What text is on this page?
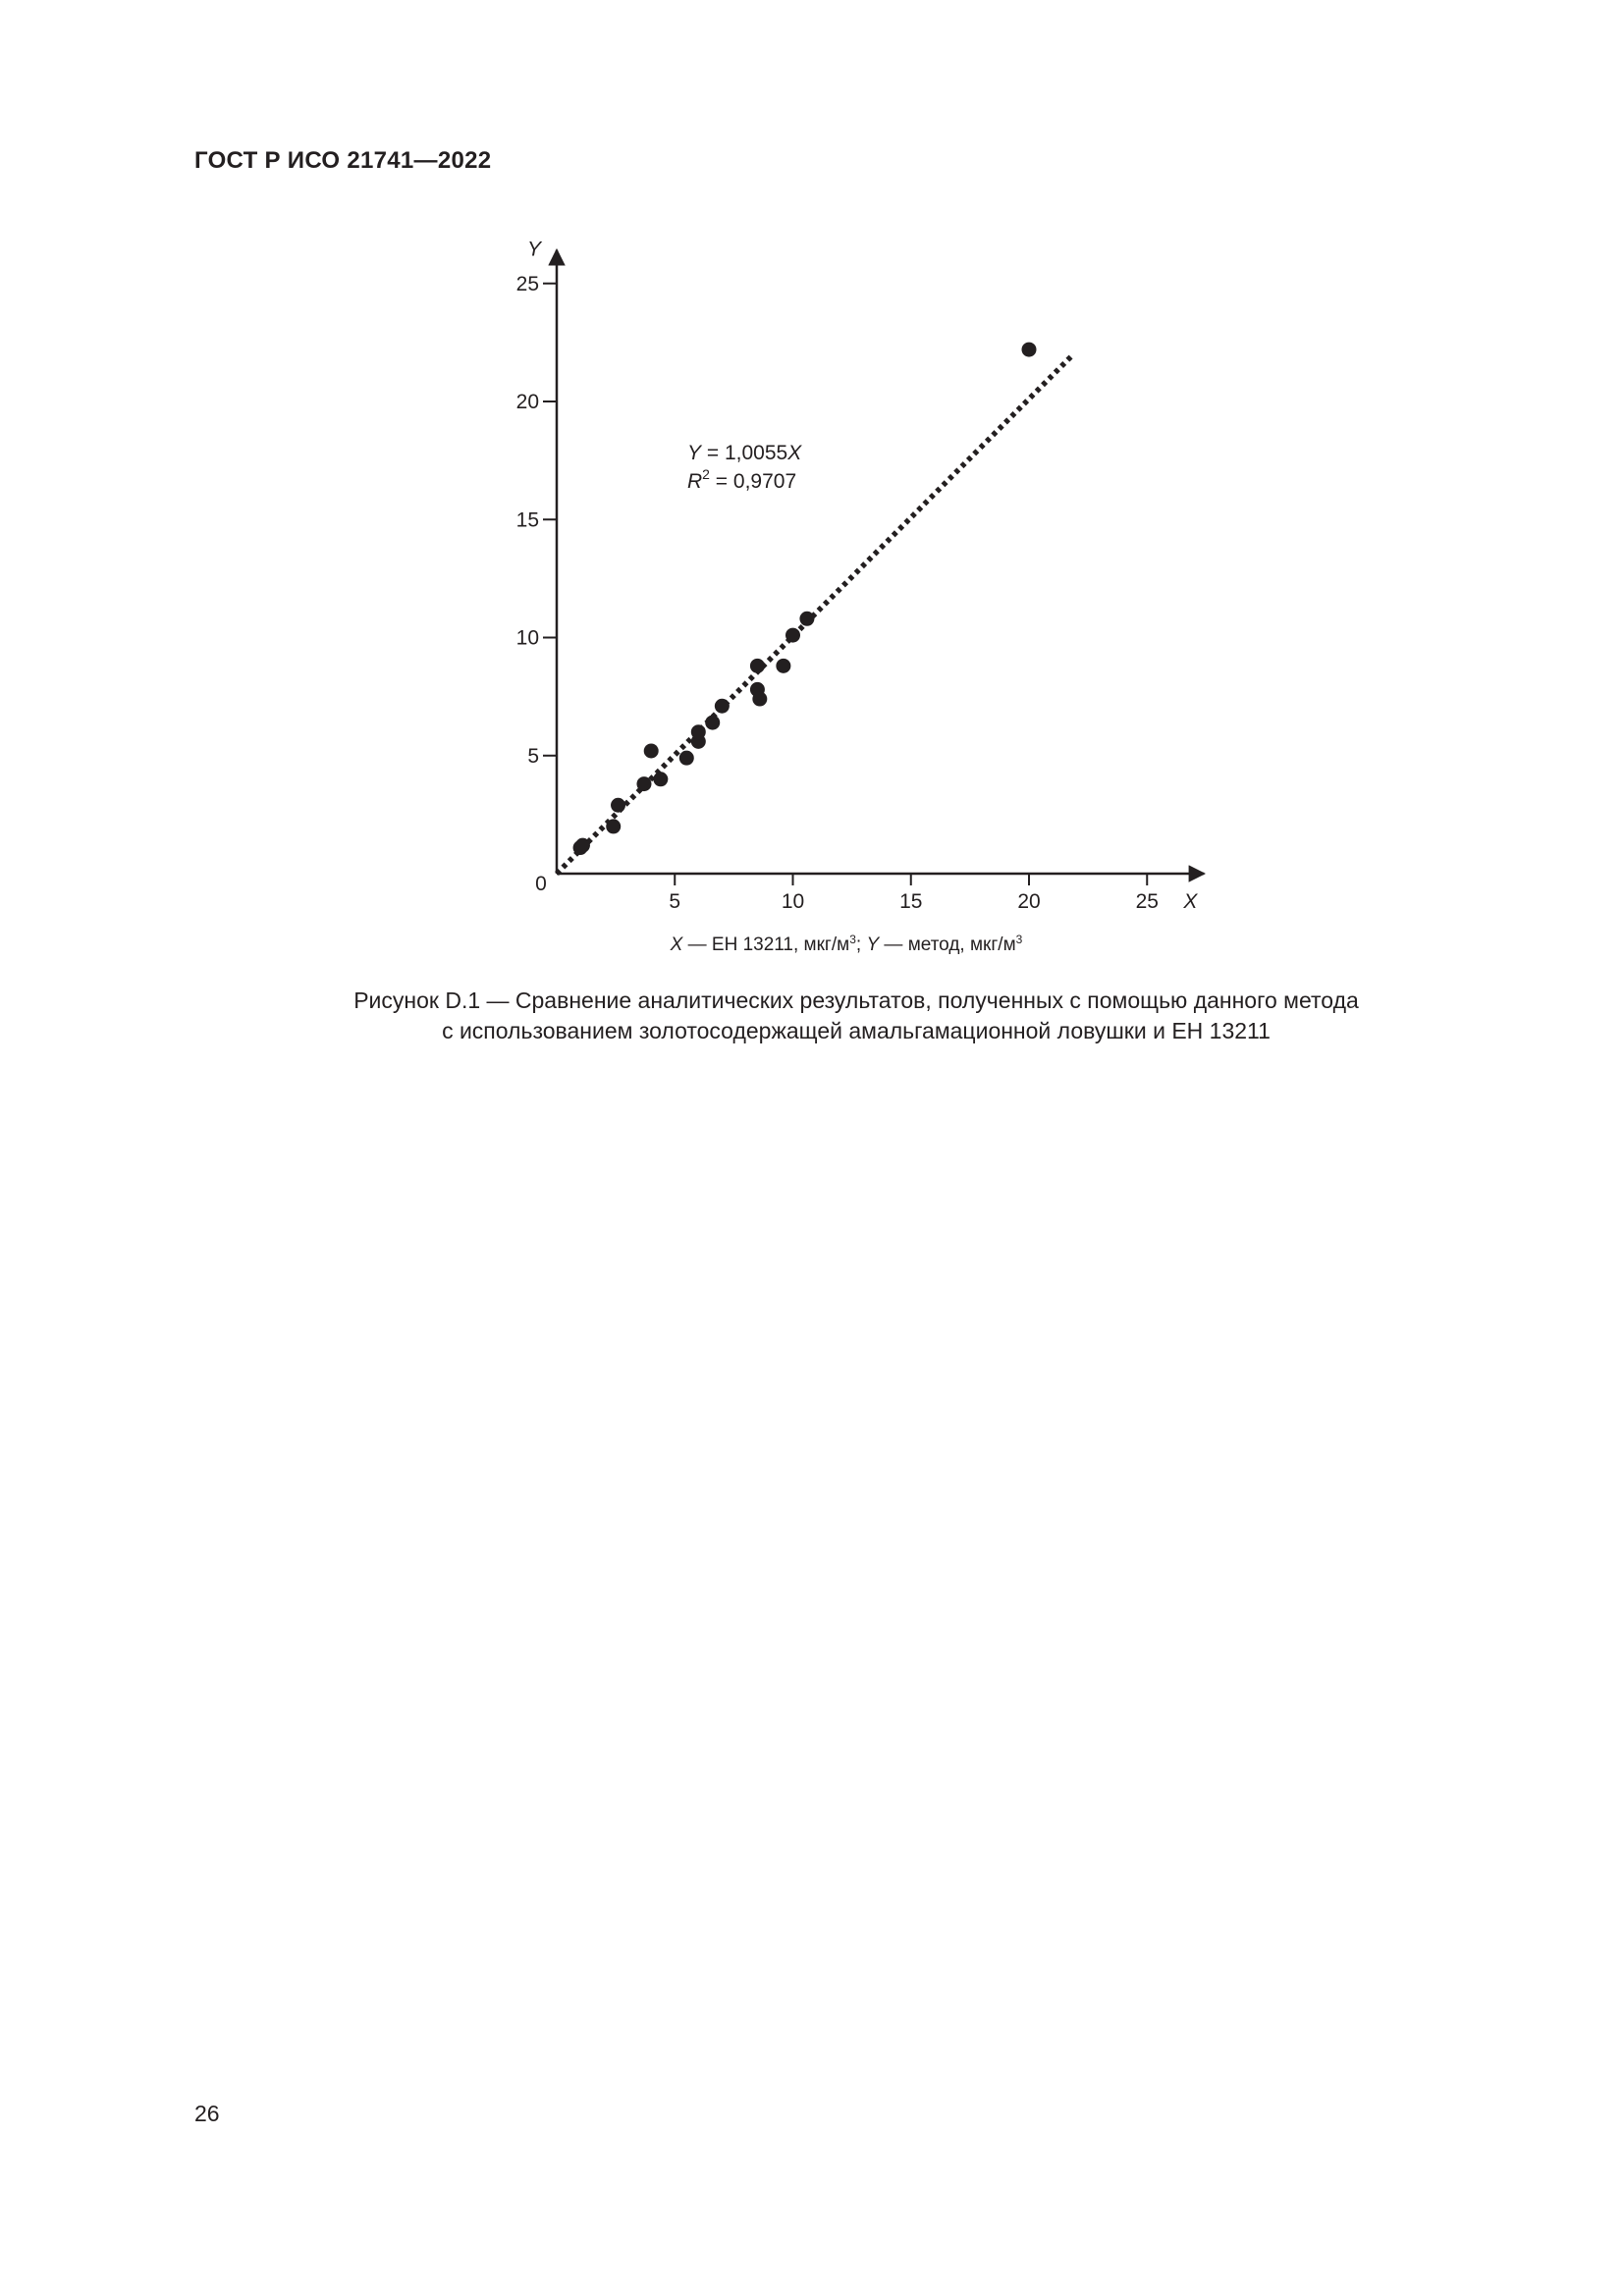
ГОСТ Р ИСО 21741—2022
5	10	15	20	25
5
10
15
20
25
0
X
Y
Y = 1,0055X
$R^2 = 0,9707$
X — ЕН 13211, мкг/$м^3$; Y — метод, мкг/$м^3$
Рисунок D.1 — Сравнение аналитических результатов, полученных с помощью данного метода
с использованием золотосодержащей амальгамационной ловушки и ЕН 13211
26
